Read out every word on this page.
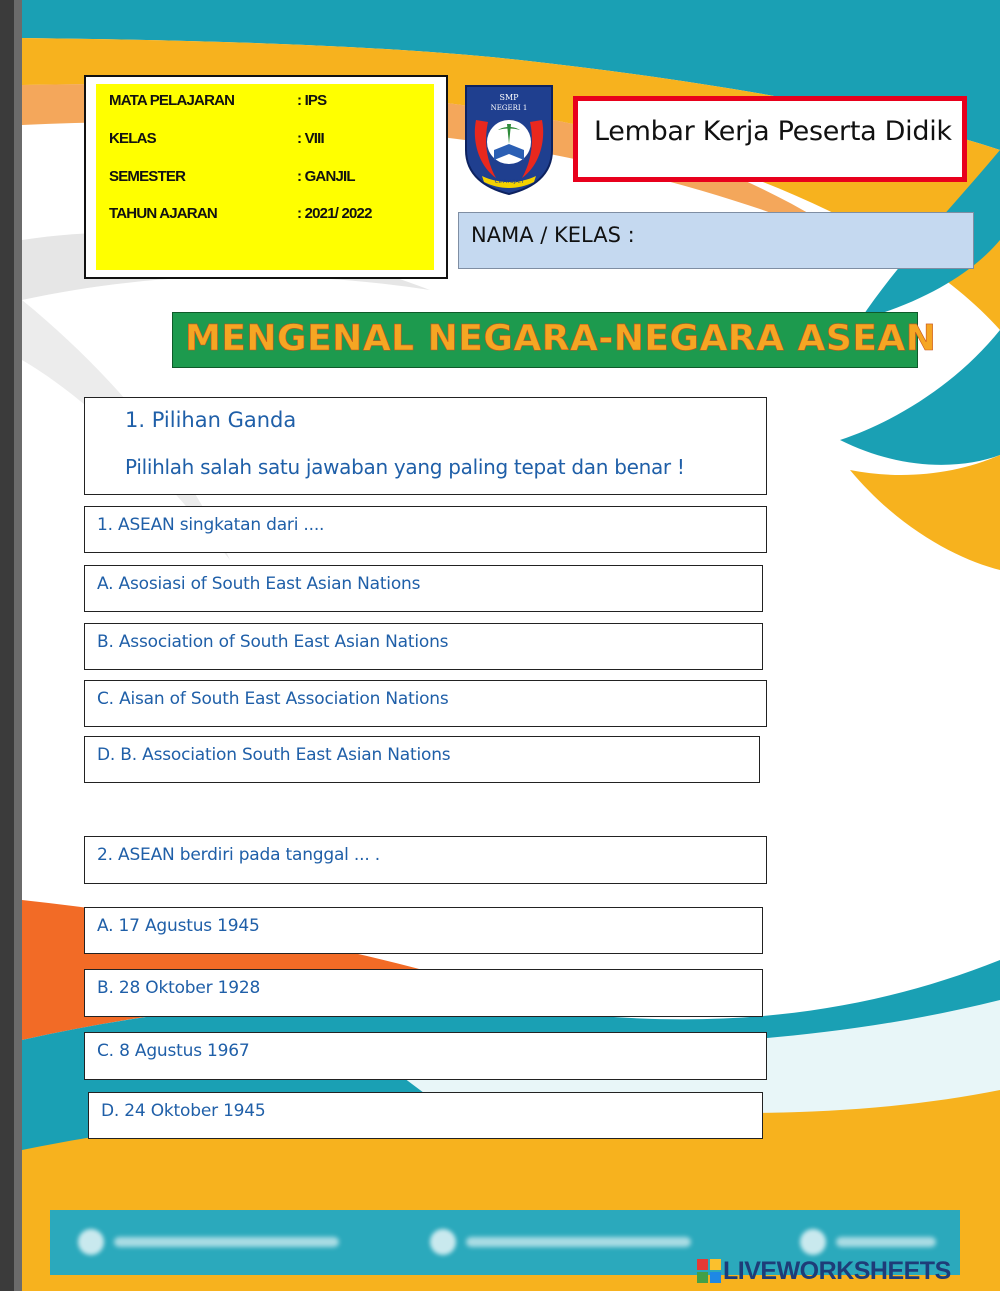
MATA PELAJARAN	: IPS
KELAS	: VIII
SEMESTER	: GANJIL
TAHUN AJARAN	: 2021/ 2022
SMP
NEGERI 1
CIPATUJAH
Lembar Kerja Peserta Didik
NAMA / KELAS :
MENGENAL NEGARA-NEGARA ASEAN
1. Pilihan Ganda
Pilihlah salah satu jawaban yang paling tepat dan benar !
1. ASEAN singkatan dari ....
A. Asosiasi of South East Asian Nations
B. Association of South East Asian Nations
C. Aisan of South East Association Nations
D. B. Association South East Asian Nations
2. ASEAN berdiri pada tanggal ... .
A. 17 Agustus 1945
B. 28 Oktober 1928
C. 8 Agustus 1967
D. 24 Oktober 1945
LIVEWORKSHEETS
